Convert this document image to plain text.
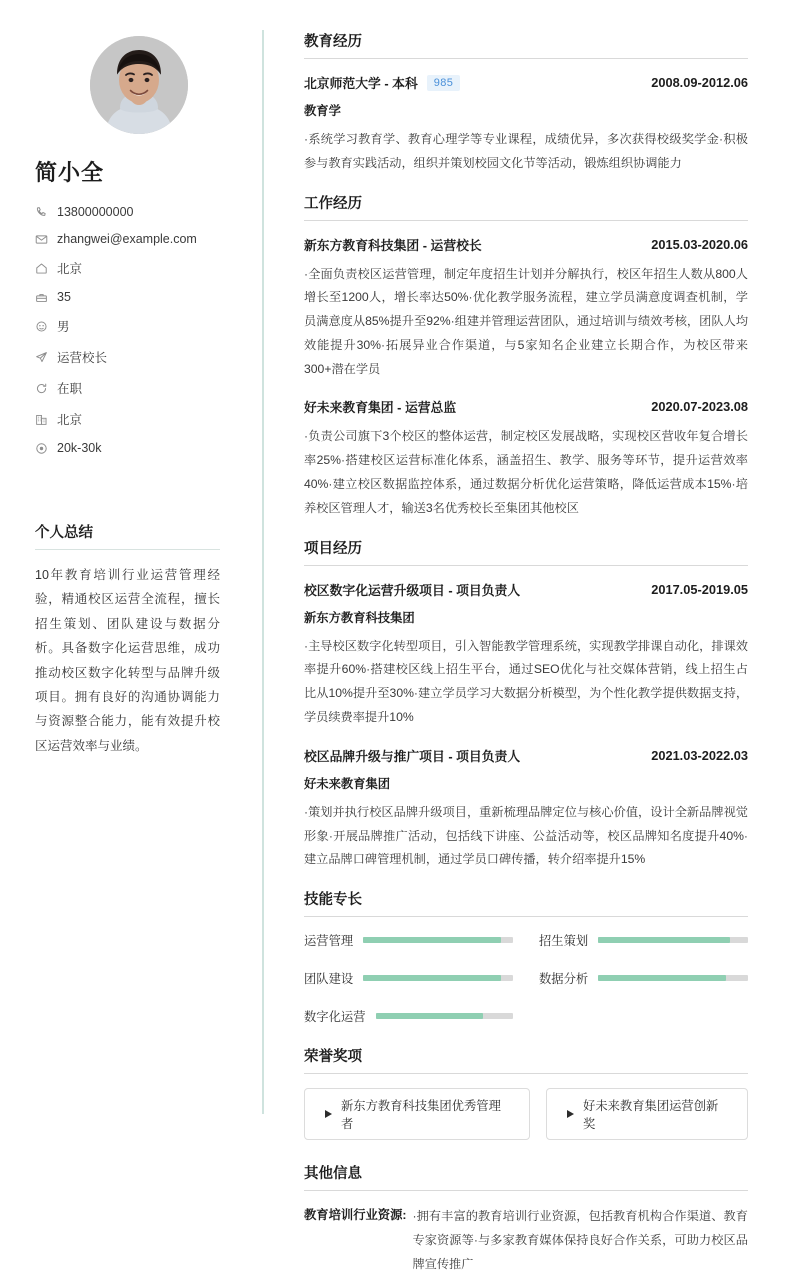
简小全
13800000000
zhangwei@example.com
北京
35
男
运营校长
在职
北京
20k-30k
个人总结
10年教育培训行业运营管理经验，精通校区运营全流程，擅长招生策划、团队建设与数据分析。具备数字化运营思维，成功推动校区数字化转型与品牌升级项目。拥有良好的沟通协调能力与资源整合能力，能有效提升校区运营效率与业绩。
教育经历
北京师范大学 - 本科	985	2008.09-2012.06
教育学
·系统学习教育学、教育心理学等专业课程，成绩优异，多次获得校级奖学金·积极参与教育实践活动，组织并策划校园文化节等活动，锻炼组织协调能力
工作经历
新东方教育科技集团 - 运营校长	2015.03-2020.06
·全面负责校区运营管理，制定年度招生计划并分解执行，校区年招生人数从800人增长至1200人，增长率达50%·优化教学服务流程，建立学员满意度调查机制，学员满意度从85%提升至92%·组建并管理运营团队，通过培训与绩效考核，团队人均效能提升30%·拓展异业合作渠道，与5家知名企业建立长期合作，为校区带来300+潜在学员
好未来教育集团 - 运营总监	2020.07-2023.08
·负责公司旗下3个校区的整体运营，制定校区发展战略，实现校区营收年复合增长率25%·搭建校区运营标准化体系，涵盖招生、教学、服务等环节，提升运营效率40%·建立校区数据监控体系，通过数据分析优化运营策略，降低运营成本15%·培养校区管理人才，输送3名优秀校长至集团其他校区
项目经历
校区数字化运营升级项目 - 项目负责人	2017.05-2019.05
新东方教育科技集团
·主导校区数字化转型项目，引入智能教学管理系统，实现教学排课自动化，排课效率提升60%·搭建校区线上招生平台，通过SEO优化与社交媒体营销，线上招生占比从10%提升至30%·建立学员学习大数据分析模型，为个性化教学提供数据支持，学员续费率提升10%
校区品牌升级与推广项目 - 项目负责人	2021.03-2022.03
好未来教育集团
·策划并执行校区品牌升级项目，重新梳理品牌定位与核心价值，设计全新品牌视觉形象·开展品牌推广活动，包括线下讲座、公益活动等，校区品牌知名度提升40%·建立品牌口碑管理机制，通过学员口碑传播，转介绍率提升15%
技能专长
运营管理	招生策划
团队建设	数据分析
数字化运营
荣誉奖项
新东方教育科技集团优秀管理者
好未来教育集团运营创新奖
其他信息
教育培训行业资源: ·拥有丰富的教育培训行业资源，包括教育机构合作渠道、教育专家资源等·与多家教育媒体保持良好合作关系，可助力校区品牌宣传推广
